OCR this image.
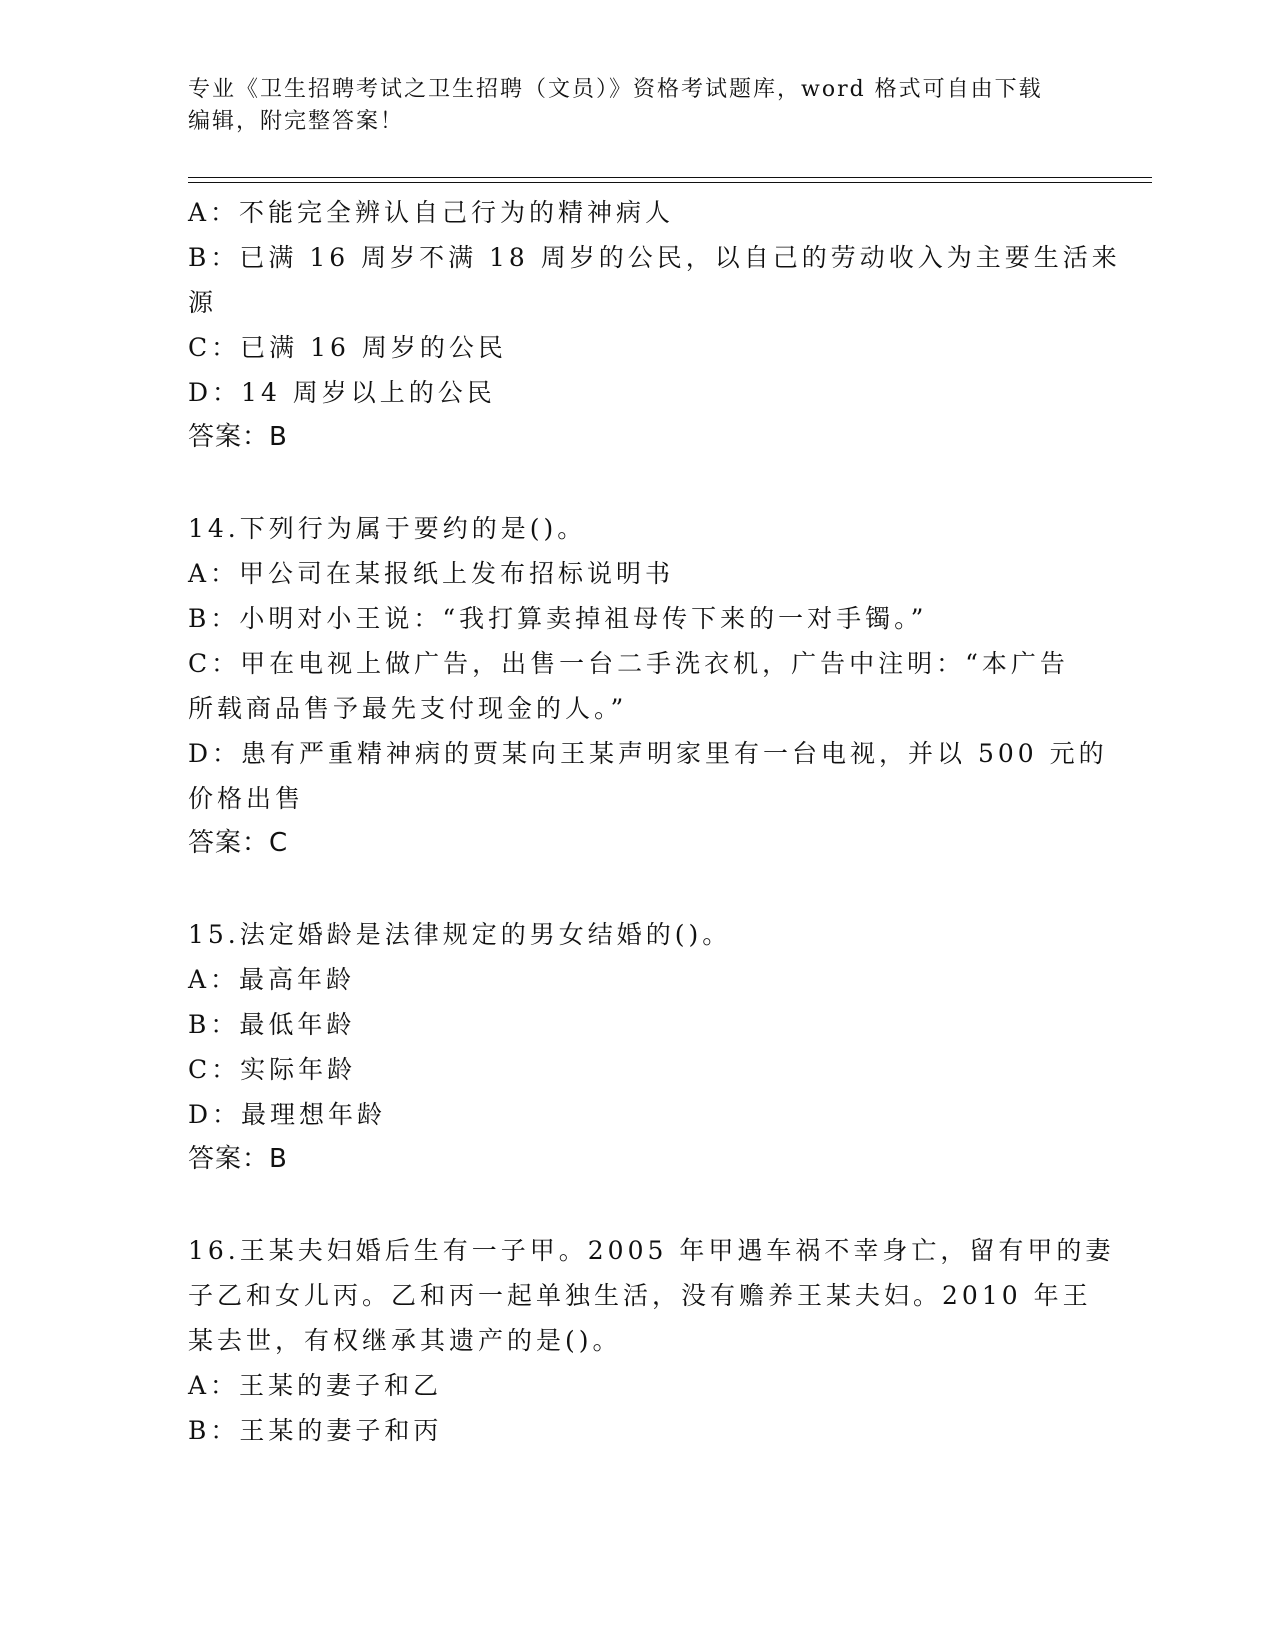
专业《卫生招聘考试之卫生招聘（文员）》资格考试题库，word 格式可自由下载
编辑，附完整答案！
A：不能完全辨认自己行为的精神病人
B：已满 16 周岁不满 18 周岁的公民，以自己的劳动收入为主要生活来
源
C：已满 16 周岁的公民
D：14 周岁以上的公民
答案：B
14.下列行为属于要约的是()。
A：甲公司在某报纸上发布招标说明书
B：小明对小王说：“我打算卖掉祖母传下来的一对手镯。”
C：甲在电视上做广告，出售一台二手洗衣机，广告中注明：“本广告
所载商品售予最先支付现金的人。”
D：患有严重精神病的贾某向王某声明家里有一台电视，并以 500 元的
价格出售
答案：C
15.法定婚龄是法律规定的男女结婚的()。
A：最高年龄
B：最低年龄
C：实际年龄
D：最理想年龄
答案：B
16.王某夫妇婚后生有一子甲。2005 年甲遇车祸不幸身亡，留有甲的妻
子乙和女儿丙。乙和丙一起单独生活，没有赡养王某夫妇。2010 年王
某去世，有权继承其遗产的是()。
A：王某的妻子和乙
B：王某的妻子和丙
